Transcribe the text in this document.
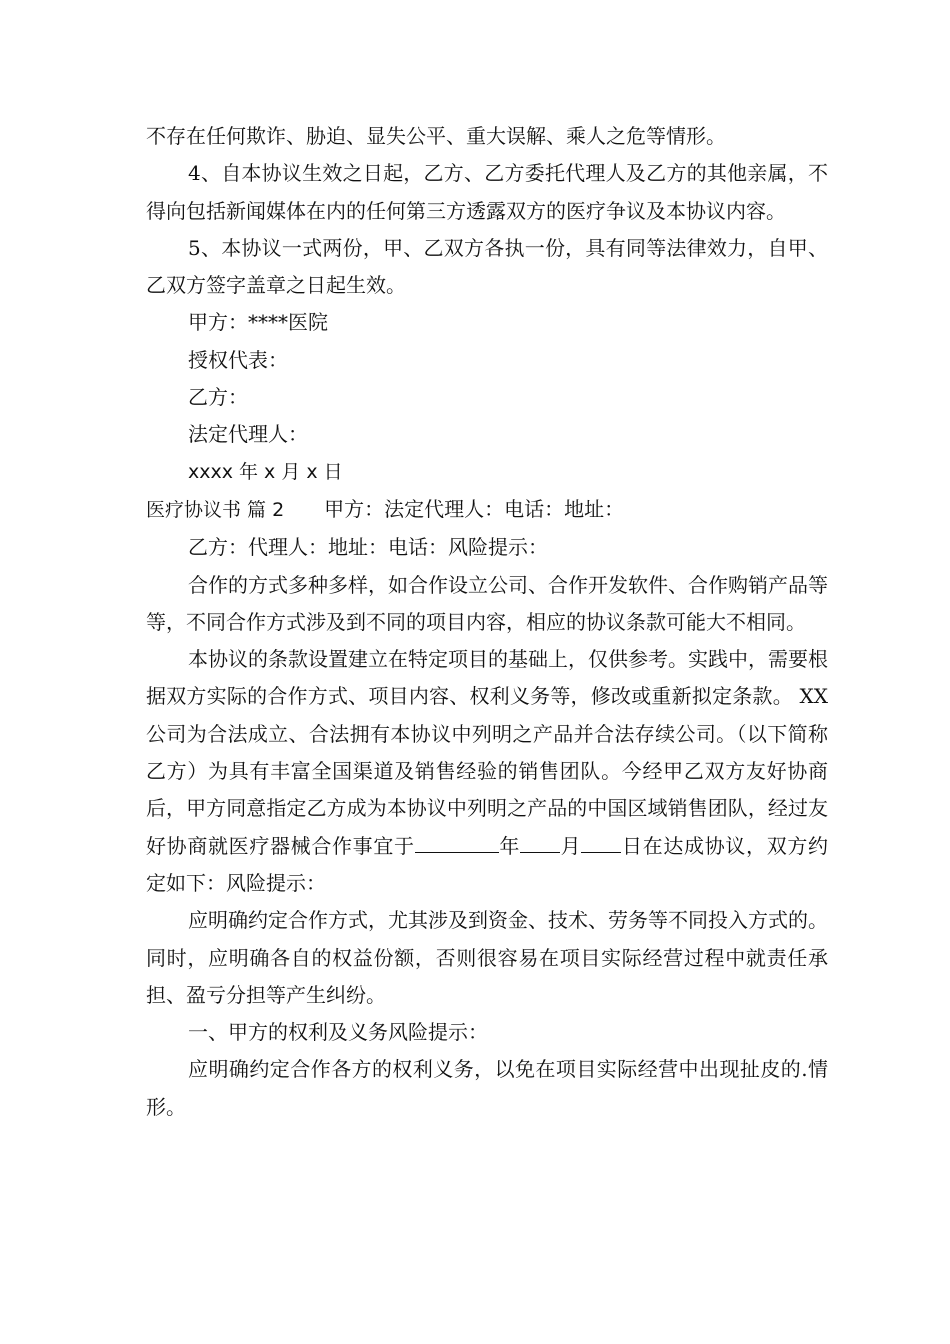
不存在任何欺诈、胁迫、显失公平、重大误解、乘人之危等情形。

4、自本协议生效之日起，乙方、乙方委托代理人及乙方的其他亲属，不得向包括新闻媒体在内的任何第三方透露双方的医疗争议及本协议内容。

5、本协议一式两份，甲、乙双方各执一份，具有同等法律效力，自甲、乙双方签字盖章之日起生效。

甲方：****医院

授权代表：

乙方：

法定代理人：

xxxx 年 x 月 x 日

医疗协议书 篇 2 甲方：法定代理人：电话：地址：

乙方：代理人：地址：电话：风险提示：

合作的方式多种多样，如合作设立公司、合作开发软件、合作购销产品等等，不同合作方式涉及到不同的项目内容，相应的协议条款可能大不相同。

本协议的条款设置建立在特定项目的基础上，仅供参考。实践中，需要根据双方实际的合作方式、项目内容、权利义务等，修改或重新拟定条款。 XX 公司为合法成立、合法拥有本协议中列明之产品并合法存续公司。（以下简称乙方）为具有丰富全国渠道及销售经验的销售团队。今经甲乙双方友好协商后，甲方同意指定乙方成为本协议中列明之产品的中国区域销售团队，经过友好协商就医疗器械合作事宜于	年 月 日在达成协议，双方约定如下：风险提示：

应明确约定合作方式，尤其涉及到资金、技术、劳务等不同投入方式的。同时，应明确各自的权益份额，否则很容易在项目实际经营过程中就责任承担、盈亏分担等产生纠纷。

一、甲方的权利及义务风险提示：

应明确约定合作各方的权利义务，以免在项目实际经营中出现扯皮的.情形。
